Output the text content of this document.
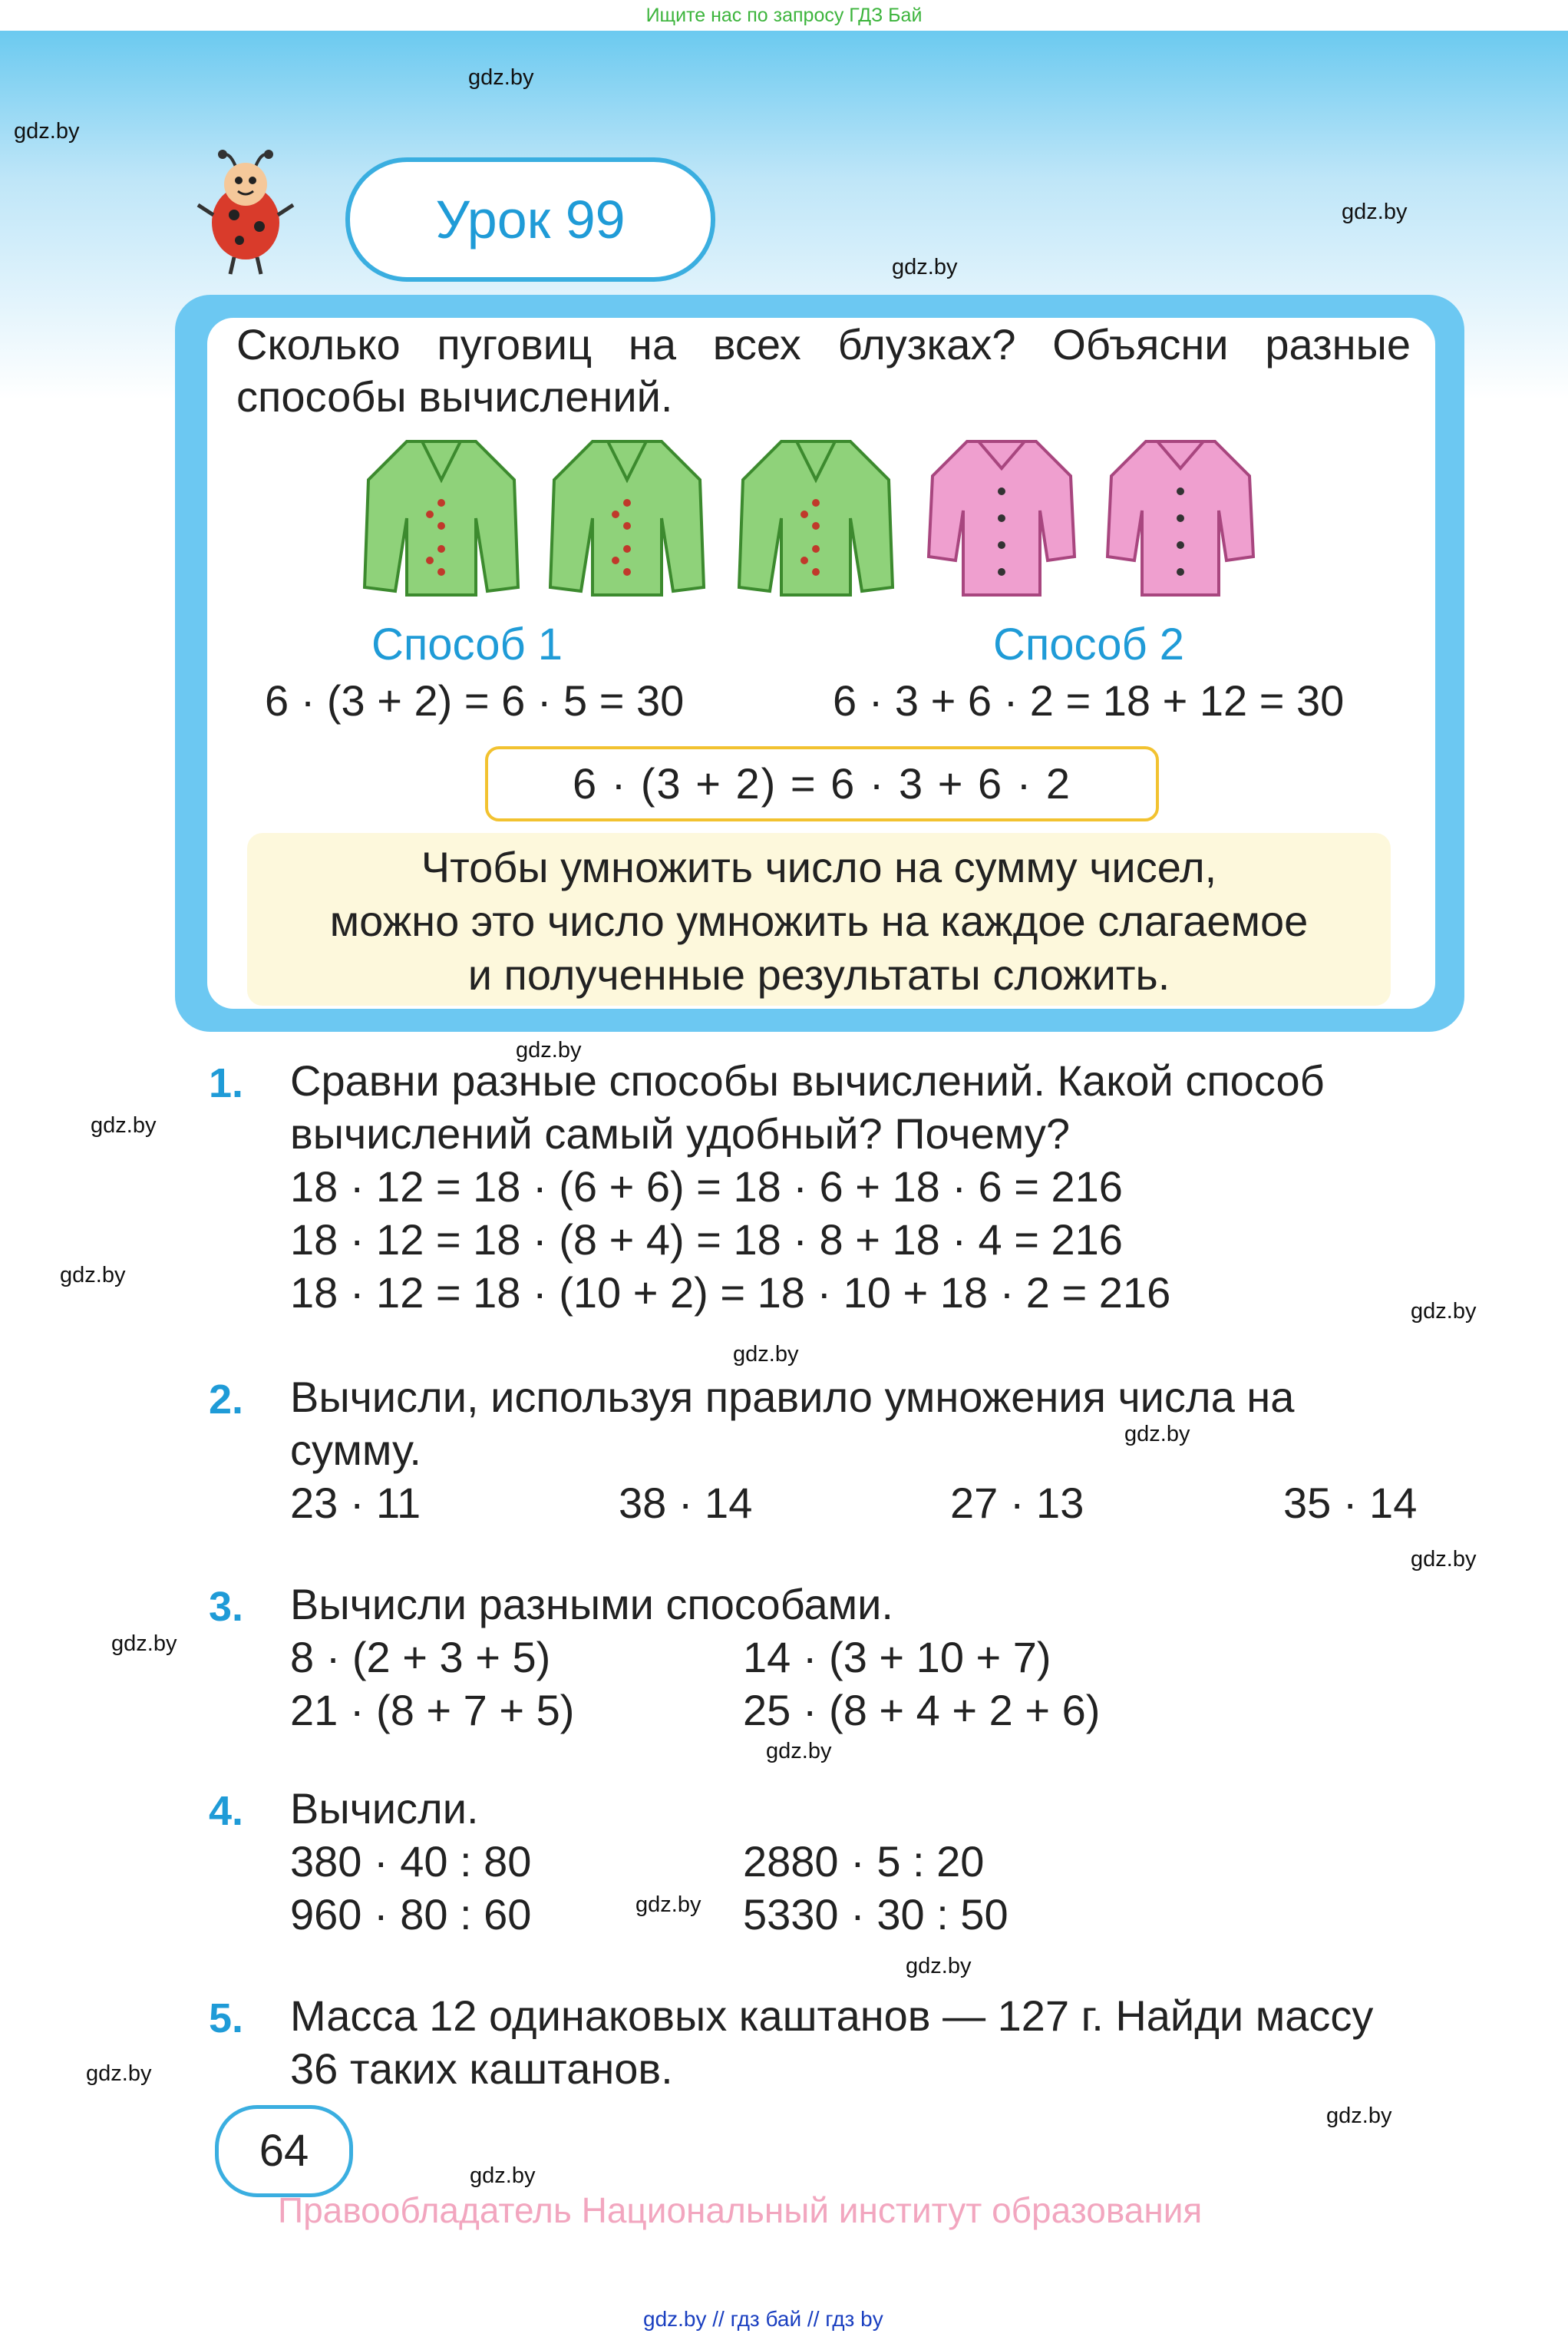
Ищите нас по запросу ГДЗ Бай
gdz.by
gdz.by
gdz.by
gdz.by
gdz.by
gdz.by
gdz.by
gdz.by
gdz.by
gdz.by
gdz.by
gdz.by
gdz.by
gdz.by
gdz.by
gdz.by
gdz.by
gdz.by
Урок 99
Сколько пуговиц на всех блузках? Объясни разные способы вычислений.
Способ 1	Способ 2
6 · (3 + 2) = 6 · 5 = 30	6 · 3 + 6 · 2 = 18 + 12 = 30
6 · (3 + 2) = 6 · 3 + 6 · 2
Чтобы умножить число на сумму чисел,
можно это число умножить на каждое слагаемое
и полученные результаты сложить.
1. Сравни разные способы вычислений. Какой способ
вычислений самый удобный? Почему?
18 · 12 = 18 · (6 + 6) = 18 · 6 + 18 · 6 = 216
18 · 12 = 18 · (8 + 4) = 18 · 8 + 18 · 4 = 216
18 · 12 = 18 · (10 + 2) = 18 · 10 + 18 · 2 = 216
2. Вычисли, используя правило умножения числа на
сумму.
23 · 11	38 · 14	27 · 13	35 · 14
3. Вычисли разными способами.
8 · (2 + 3 + 5)	14 · (3 + 10 + 7)
21 · (8 + 7 + 5)	25 · (8 + 4 + 2 + 6)
4. Вычисли.
380 · 40 : 80	2880 · 5 : 20
960 · 80 : 60	5330 · 30 : 50
5. Масса 12 одинаковых каштанов — 127 г. Найди массу
36 таких каштанов.
64
Правообладатель Национальный институт образования
gdz.by // гдз бай // гдз by
